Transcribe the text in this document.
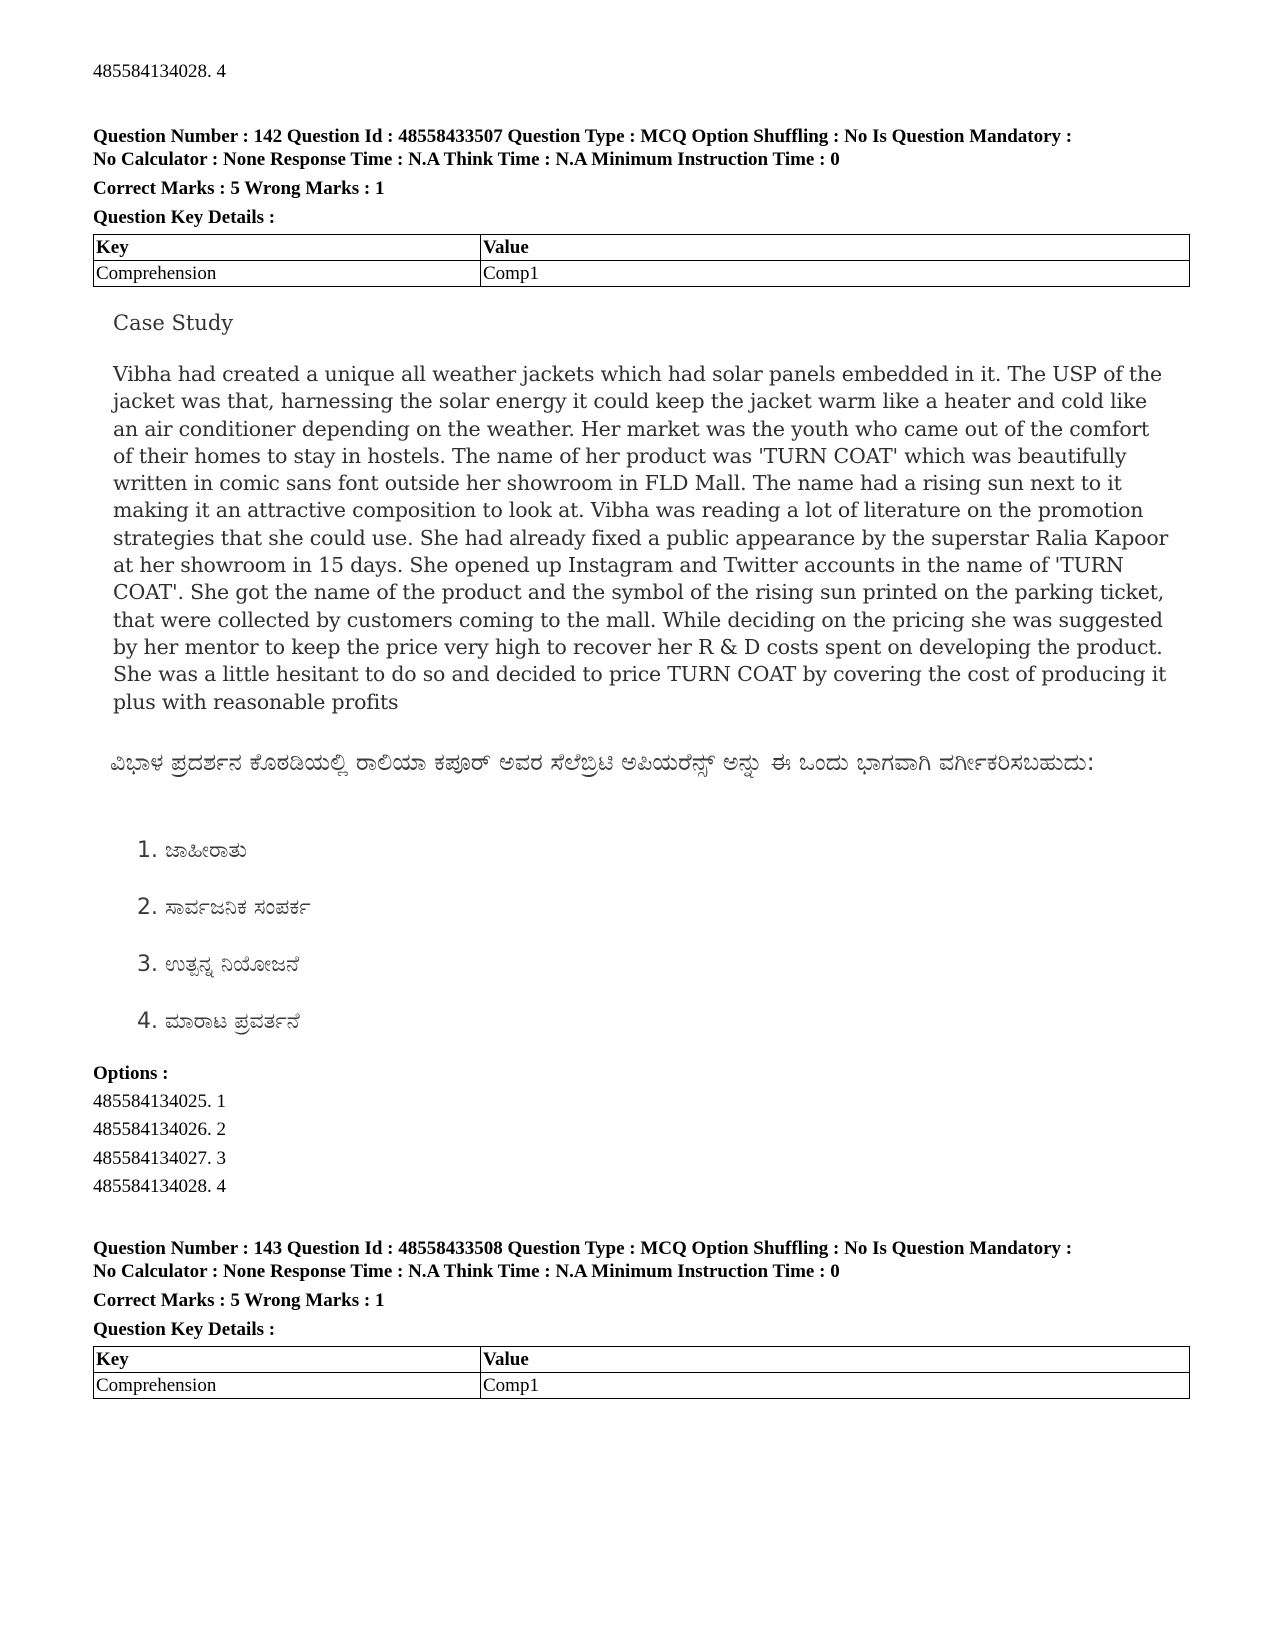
485584134028. 4
Question Number : 142 Question Id : 48558433507 Question Type : MCQ Option Shuffling : No Is Question Mandatory :
No Calculator : None Response Time : N.A Think Time : N.A Minimum Instruction Time : 0
Correct Marks : 5 Wrong Marks : 1
Question Key Details :
Key	Value
Comprehension	Comp1
Case Study
Vibha had created a unique all weather jackets which had solar panels embedded in it. The USP of the jacket was that, harnessing the solar energy it could keep the jacket warm like a heater and cold like an air conditioner depending on the weather. Her market was the youth who came out of the comfort of their homes to stay in hostels. The name of her product was 'TURN COAT' which was beautifully written in comic sans font outside her showroom in FLD Mall. The name had a rising sun next to it making it an attractive composition to look at. Vibha was reading a lot of literature on the promotion strategies that she could use. She had already fixed a public appearance by the superstar Ralia Kapoor at her showroom in 15 days. She opened up Instagram and Twitter accounts in the name of 'TURN COAT'. She got the name of the product and the symbol of the rising sun printed on the parking ticket, that were collected by customers coming to the mall. While deciding on the pricing she was suggested by her mentor to keep the price very high to recover her R & D costs spent on developing the product. She was a little hesitant to do so and decided to price TURN COAT by covering the cost of producing it plus with reasonable profits
ವಿಭಾಳ ಪ್ರದರ್ಶನ ಕೊಠಡಿಯಲ್ಲಿ ರಾಲಿಯಾ ಕಪೂರ್ ಅವರ ಸೆಲೆಬ್ರಿಟಿ ಅಪಿಯರೆನ್ಸ್ ಅನ್ನು ಈ ಒಂದು ಭಾಗವಾಗಿ ವರ್ಗೀಕರಿಸಬಹುದು:
1. ಜಾಹೀರಾತು
2. ಸಾರ್ವಜನಿಕ ಸಂಪರ್ಕ
3. ಉತ್ಪನ್ನ ನಿಯೋಜನೆ
4. ಮಾರಾಟ ಪ್ರವರ್ತನೆ
Options :
485584134025. 1
485584134026. 2
485584134027. 3
485584134028. 4
Question Number : 143 Question Id : 48558433508 Question Type : MCQ Option Shuffling : No Is Question Mandatory :
No Calculator : None Response Time : N.A Think Time : N.A Minimum Instruction Time : 0
Correct Marks : 5 Wrong Marks : 1
Question Key Details :
Key	Value
Comprehension	Comp1
